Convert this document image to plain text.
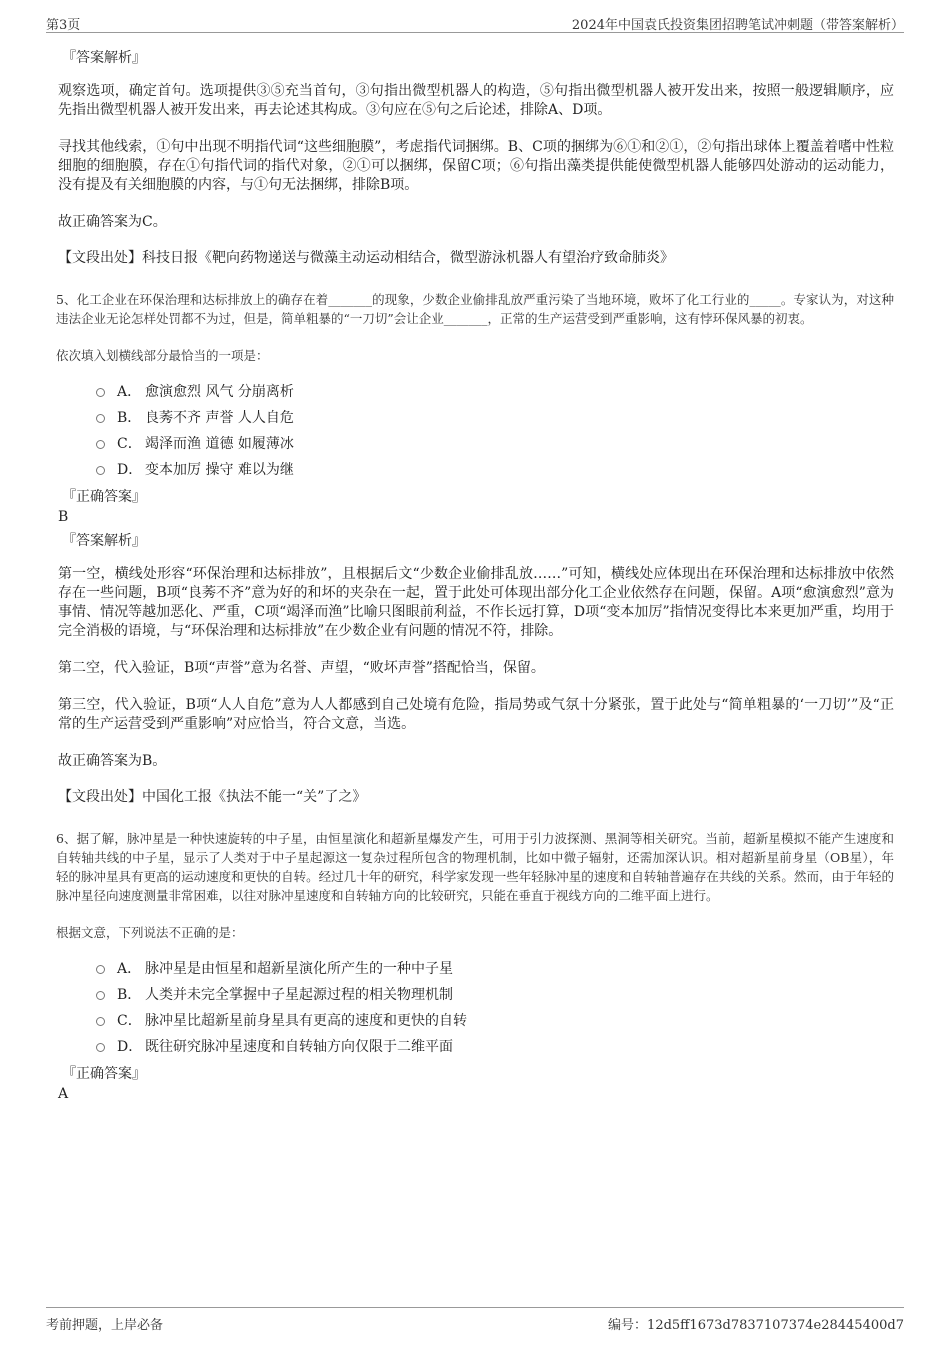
第3页	2024年中国袁氏投资集团招聘笔试冲刺题（带答案解析）
『答案解析』

观察选项，确定首句。选项提供③⑤充当首句，③句指出微型机器人的构造，⑤句指出微型机器人被开发出来，按照一般逻辑顺序，应先指出微型机器人被开发出来，再去论述其构成。③句应在⑤句之后论述，排除A、D项。

寻找其他线索，①句中出现不明指代词“这些细胞膜”，考虑指代词捆绑。B、C项的捆绑为⑥①和②①，②句指出球体上覆盖着嗜中性粒细胞的细胞膜，存在①句指代词的指代对象，②①可以捆绑，保留C项；⑥句指出藻类提供能使微型机器人能够四处游动的运动能力，没有提及有关细胞膜的内容，与①句无法捆绑，排除B项。

故正确答案为C。

【文段出处】科技日报《靶向药物递送与微藻主动运动相结合，微型游泳机器人有望治疗致命肺炎》
5、化工企业在环保治理和达标排放上的确存在着_______的现象，少数企业偷排乱放严重污染了当地环境，败坏了化工行业的_____。专家认为，对这种违法企业无论怎样处罚都不为过，但是，简单粗暴的“一刀切”会让企业_______，正常的生产运营受到严重影响，这有悖环保风暴的初衷。
依次填入划横线部分最恰当的一项是：
A． 愈演愈烈 风气 分崩离析
B． 良莠不齐 声誉 人人自危
C． 竭泽而渔 道德 如履薄冰
D． 变本加厉 操守 难以为继
『正确答案』
B
『答案解析』

第一空，横线处形容“环保治理和达标排放”，且根据后文“少数企业偷排乱放……”可知，横线处应体现出在环保治理和达标排放中依然存在一些问题，B项“良莠不齐”意为好的和坏的夹杂在一起，置于此处可体现出部分化工企业依然存在问题，保留。A项“愈演愈烈”意为事情、情况等越加恶化、严重，C项“竭泽而渔”比喻只图眼前利益，不作长远打算，D项“变本加厉”指情况变得比本来更加严重，均用于完全消极的语境，与“环保治理和达标排放”在少数企业有问题的情况不符，排除。

第二空，代入验证，B项“声誉”意为名誉、声望，“败坏声誉”搭配恰当，保留。

第三空，代入验证，B项“人人自危”意为人人都感到自己处境有危险，指局势或气氛十分紧张，置于此处与“简单粗暴的‘一刀切’”及“正常的生产运营受到严重影响”对应恰当，符合文意，当选。

故正确答案为B。

【文段出处】中国化工报《执法不能一“关”了之》
6、据了解，脉冲星是一种快速旋转的中子星，由恒星演化和超新星爆发产生，可用于引力波探测、黑洞等相关研究。当前，超新星模拟不能产生速度和自转轴共线的中子星，显示了人类对于中子星起源这一复杂过程所包含的物理机制，比如中微子辐射，还需加深认识。相对超新星前身星（OB星），年轻的脉冲星具有更高的运动速度和更快的自转。经过几十年的研究，科学家发现一些年轻脉冲星的速度和自转轴普遍存在共线的关系。然而，由于年轻的脉冲星径向速度测量非常困难，以往对脉冲星速度和自转轴方向的比较研究，只能在垂直于视线方向的二维平面上进行。
根据文意，下列说法不正确的是：
A． 脉冲星是由恒星和超新星演化所产生的一种中子星
B． 人类并未完全掌握中子星起源过程的相关物理机制
C． 脉冲星比超新星前身星具有更高的速度和更快的自转
D． 既往研究脉冲星速度和自转轴方向仅限于二维平面
『正确答案』
A
考前押题，上岸必备	编号：12d5ff1673d7837107374e28445400d7
